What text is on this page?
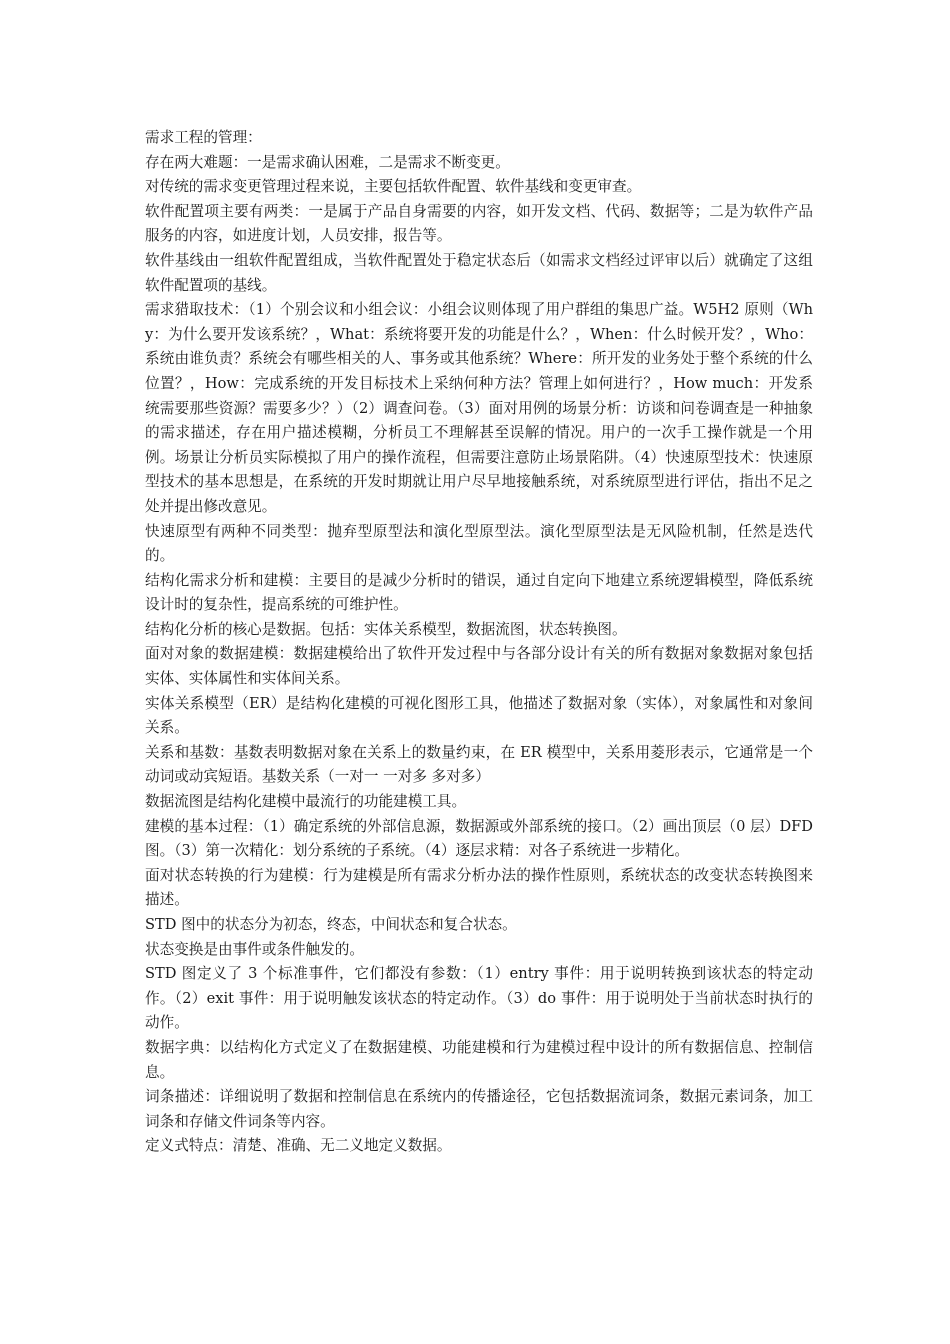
需求工程的管理：

存在两大难题：一是需求确认困难，二是需求不断变更。

对传统的需求变更管理过程来说，主要包括软件配置、软件基线和变更审查。

软件配置项主要有两类：一是属于产品自身需要的内容，如开发文档、代码、数据等；二是为软件产品服务的内容，如进度计划，人员安排，报告等。

软件基线由一组软件配置组成，当软件配置处于稳定状态后（如需求文档经过评审以后）就确定了这组软件配置项的基线。

需求猎取技术：（1）个别会议和小组会议：小组会议则体现了用户群组的集思广益。W5H2 原则（Why：为什么要开发该系统？，What：系统将要开发的功能是什么？，When：什么时候开发？，Who：系统由谁负责？系统会有哪些相关的人、事务或其他系统？Where：所开发的业务处于整个系统的什么位置？，How：完成系统的开发目标技术上采纳何种方法？管理上如何进行？，How much：开发系统需要那些资源？需要多少？）（2）调查问卷。（3）面对用例的场景分析：访谈和问卷调查是一种抽象的需求描述，存在用户描述模糊，分析员工不理解甚至误解的情况。用户的一次手工操作就是一个用例。场景让分析员实际模拟了用户的操作流程，但需要注意防止场景陷阱。（4）快速原型技术：快速原型技术的基本思想是，在系统的开发时期就让用户尽早地接触系统，对系统原型进行评估，指出不足之处并提出修改意见。

快速原型有两种不同类型：抛弃型原型法和演化型原型法。演化型原型法是无风险机制，任然是迭代的。

结构化需求分析和建模：主要目的是减少分析时的错误，通过自定向下地建立系统逻辑模型，降低系统设计时的复杂性，提高系统的可维护性。

结构化分析的核心是数据。包括：实体关系模型，数据流图，状态转换图。

面对对象的数据建模：数据建模给出了软件开发过程中与各部分设计有关的所有数据对象数据对象包括实体、实体属性和实体间关系。

实体关系模型（ER）是结构化建模的可视化图形工具，他描述了数据对象（实体），对象属性和对象间关系。

关系和基数：基数表明数据对象在关系上的数量约束，在 ER 模型中，关系用菱形表示，它通常是一个动词或动宾短语。基数关系（一对一 一对多 多对多）

数据流图是结构化建模中最流行的功能建模工具。

建模的基本过程：（1）确定系统的外部信息源，数据源或外部系统的接口。（2）画出顶层（0 层）DFD 图。（3）第一次精化：划分系统的子系统。（4）逐层求精：对各子系统进一步精化。

面对状态转换的行为建模：行为建模是所有需求分析办法的操作性原则，系统状态的改变状态转换图来描述。

STD 图中的状态分为初态，终态，中间状态和复合状态。

状态变换是由事件或条件触发的。

STD 图定义了 3 个标准事件，它们都没有参数：（1）entry 事件：用于说明转换到该状态的特定动作。（2）exit 事件：用于说明触发该状态的特定动作。（3）do 事件：用于说明处于当前状态时执行的动作。

数据字典：以结构化方式定义了在数据建模、功能建模和行为建模过程中设计的所有数据信息、控制信息。

词条描述：详细说明了数据和控制信息在系统内的传播途径，它包括数据流词条，数据元素词条，加工词条和存储文件词条等内容。

定义式特点：清楚、准确、无二义地定义数据。
